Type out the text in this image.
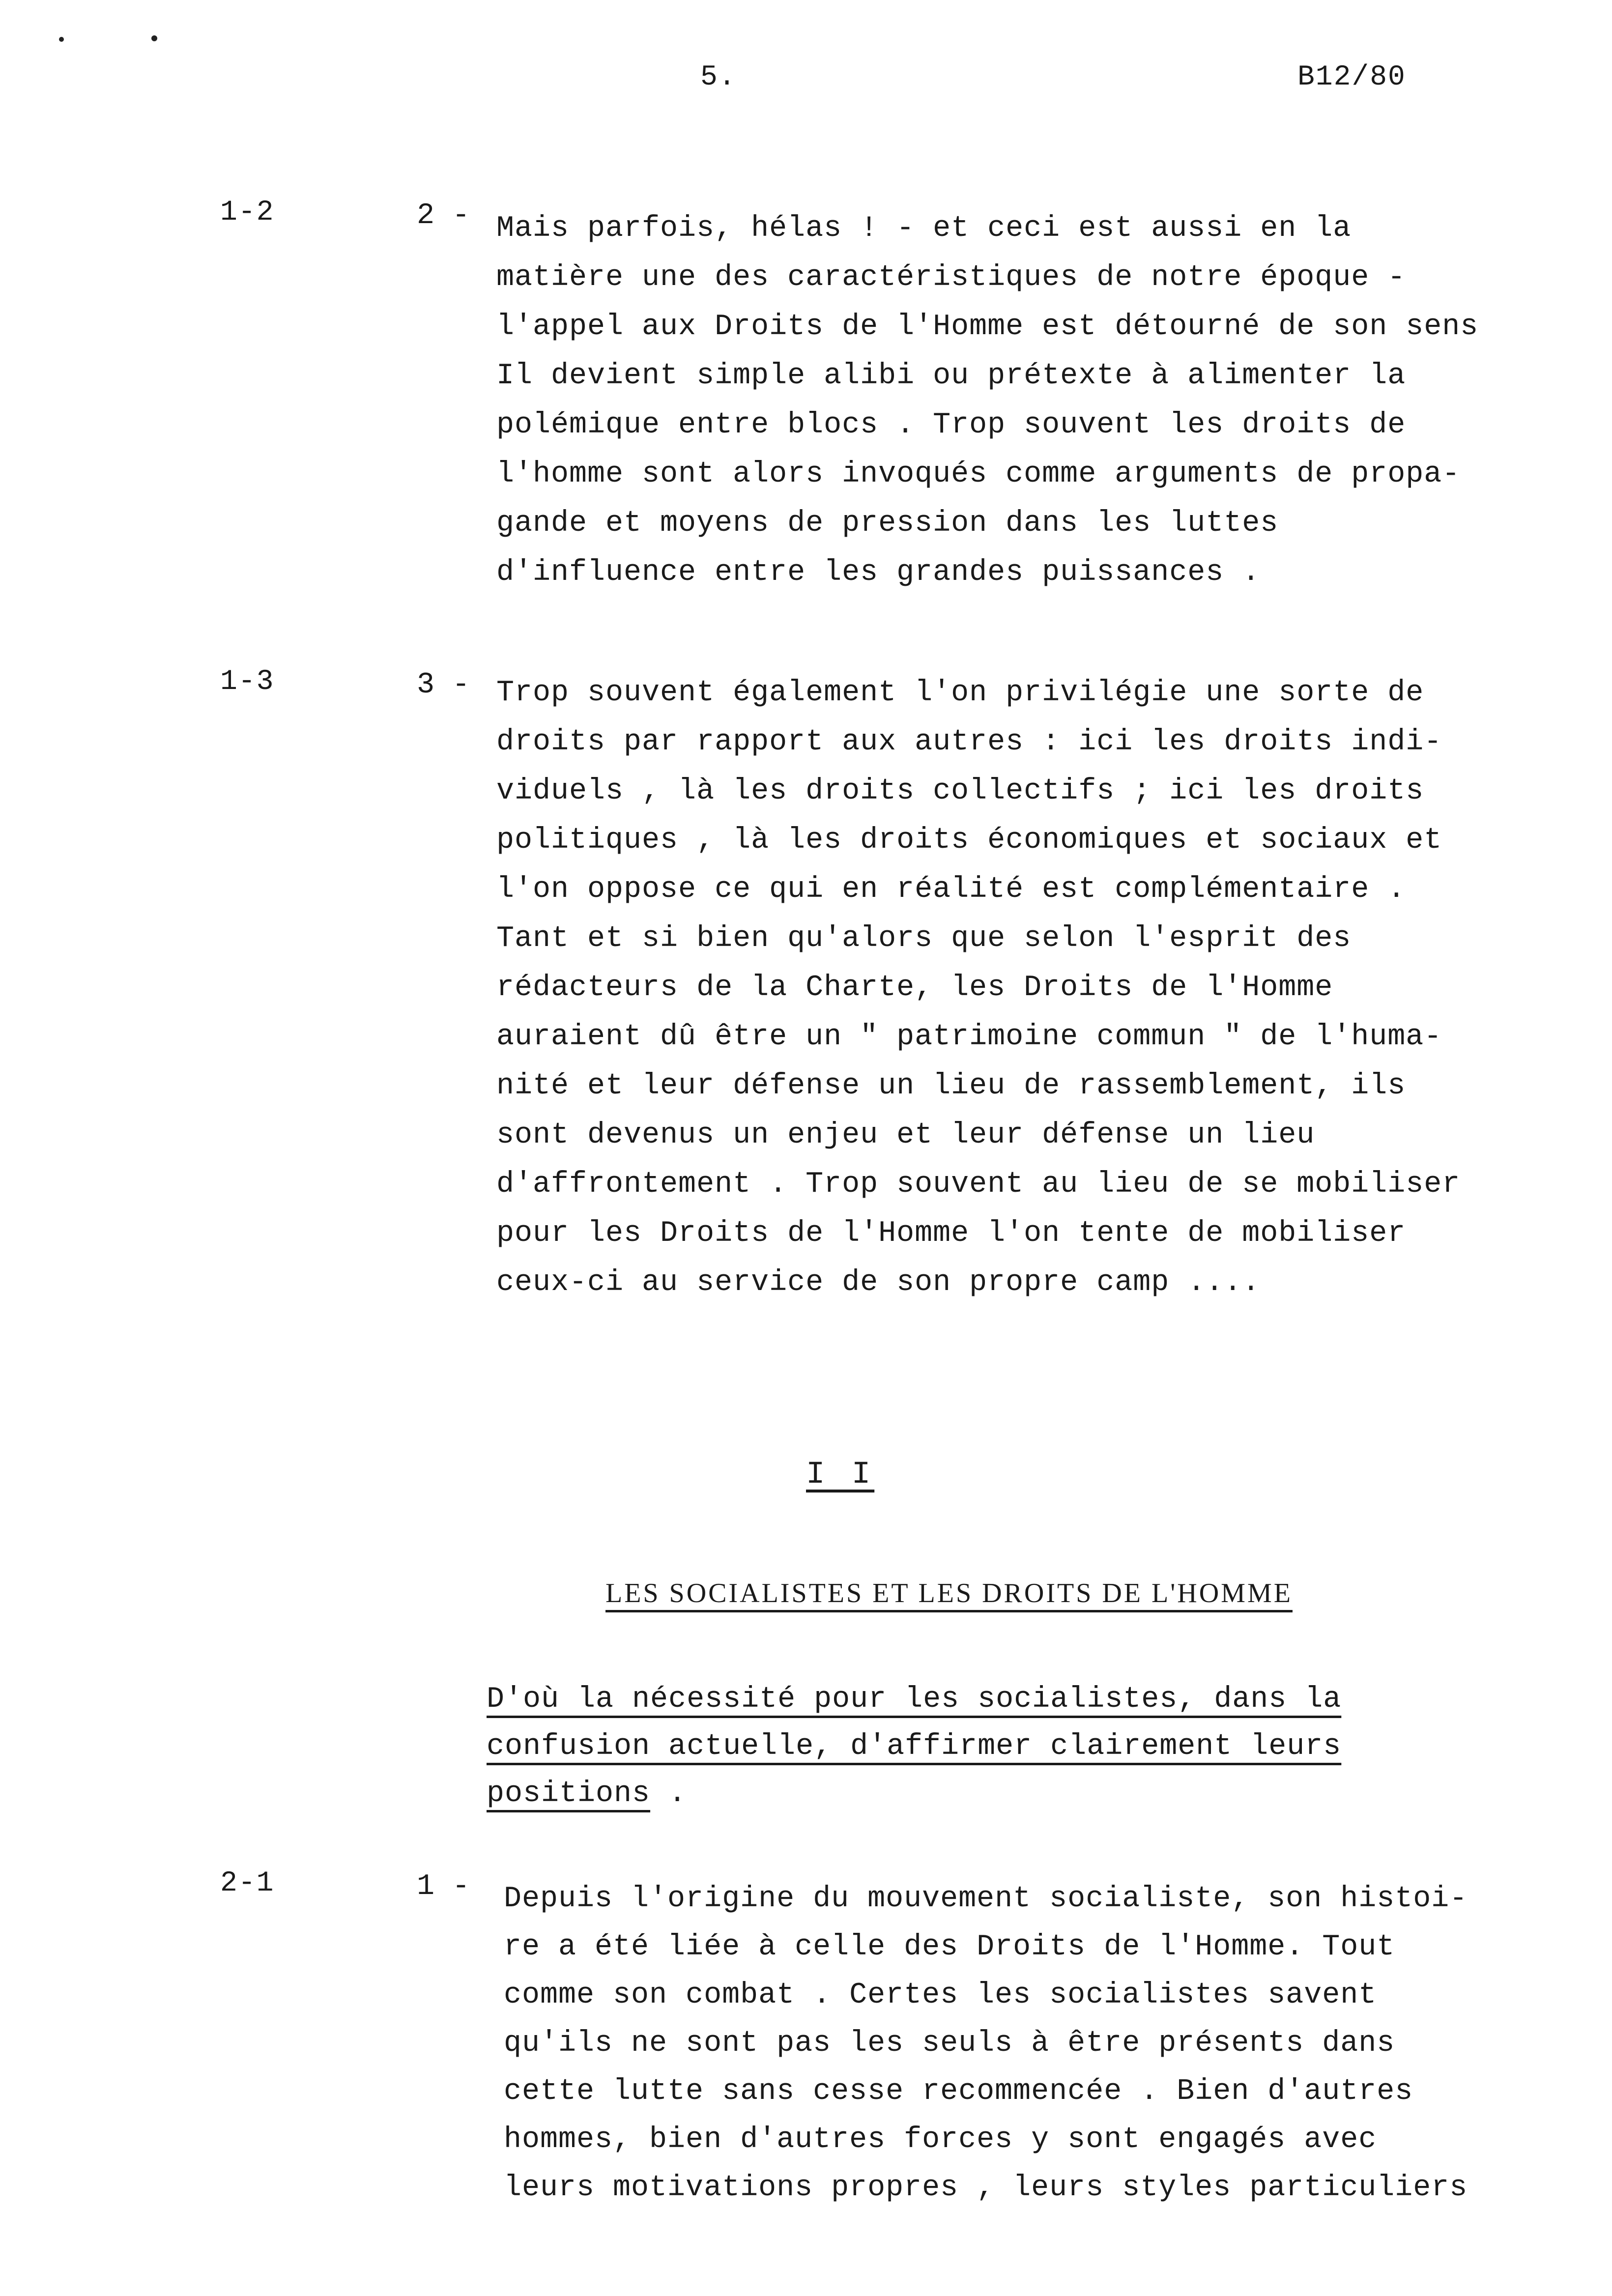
5.	B12/80
1-2	2 - Mais parfois, hélas ! - et ceci est aussi en la
matière une des caractéristiques de notre époque -
l'appel aux Droits de l'Homme est détourné de son sens
Il devient simple alibi ou prétexte à alimenter la
polémique entre blocs . Trop souvent les droits de
l'homme sont alors invoqués comme arguments de propa-
gande et moyens de pression dans les luttes
d'influence entre les grandes puissances .
1-3	3 - Trop souvent également l'on privilégie une sorte de
droits par rapport aux autres : ici les droits indi-
viduels , là les droits collectifs ; ici les droits
politiques , là les droits économiques et sociaux et
l'on oppose ce qui en réalité est complémentaire .
Tant et si bien qu'alors que selon l'esprit des
rédacteurs de la Charte, les Droits de l'Homme
auraient dû être un " patrimoine commun " de l'huma-
nité et leur défense un lieu de rassemblement, ils
sont devenus un enjeu et leur défense un lieu
d'affrontement . Trop souvent au lieu de se mobiliser
pour les Droits de l'Homme l'on tente de mobiliser
ceux-ci au service de son propre camp ....
I I
LES SOCIALISTES ET LES DROITS DE L'HOMME
D'où la nécessité pour les socialistes, dans la
confusion actuelle, d'affirmer clairement leurs
positions .
2-1	1 - Depuis l'origine du mouvement socialiste, son histoi-
re a été liée à celle des Droits de l'Homme. Tout
comme son combat . Certes les socialistes savent
qu'ils ne sont pas les seuls à être présents dans
cette lutte sans cesse recommencée . Bien d'autres
hommes, bien d'autres forces y sont engagés avec
leurs motivations propres , leurs styles particuliers
